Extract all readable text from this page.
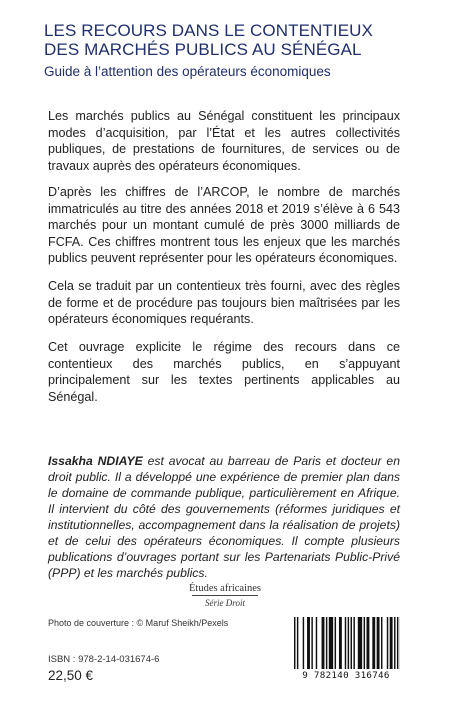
LES RECOURS DANS LE CONTENTIEUX
DES MARCHÉS PUBLICS AU SÉNÉGAL
Guide à l’attention des opérateurs économiques
Les marchés publics au Sénégal constituent les principaux modes d’acquisition, par l’État et les autres collectivités publiques, de prestations de fournitures, de services ou de travaux auprès des opérateurs économiques.
D’après les chiffres de l’ARCOP, le nombre de marchés immatriculés au titre des années 2018 et 2019 s’élève à 6 543 marchés pour un montant cumulé de près 3000 milliards de FCFA. Ces chiffres montrent tous les enjeux que les marchés publics peuvent représenter pour les opérateurs économiques.
Cela se traduit par un contentieux très fourni, avec des règles de forme et de procédure pas toujours bien maîtrisées par les opérateurs économiques requérants.
Cet ouvrage explicite le régime des recours dans ce contentieux des marchés publics, en s’appuyant principalement sur les textes pertinents applicables au Sénégal.
Issakha NDIAYE est avocat au barreau de Paris et docteur en droit public. Il a développé une expérience de premier plan dans le domaine de commande publique, particulièrement en Afrique. Il intervient du côté des gouvernements (réformes juridiques et institutionnelles, accompagnement dans la réalisation de projets) et de celui des opérateurs économiques. Il compte plusieurs publications d’ouvrages portant sur les Partenariats Public-Privé (PPP) et les marchés publics.
Études africaines
Série Droit
Photo de couverture : © Maruf Sheikh/Pexels
ISBN : 978-2-14-031674-6
22,50 €	9 782140 316746
